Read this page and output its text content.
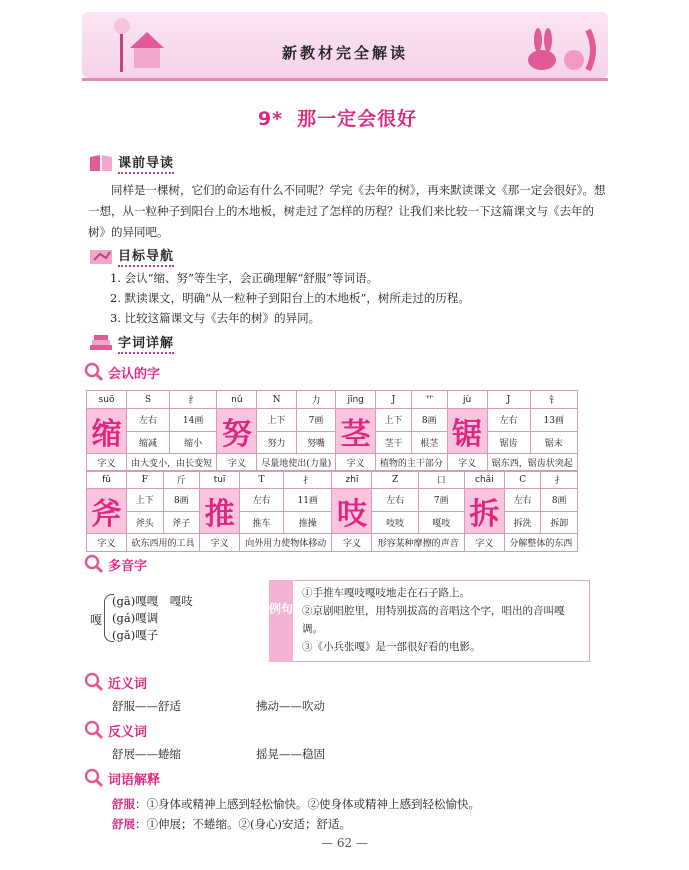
新教材完全解读
9* 那一定会很好
课前导读
同样是一棵树，它们的命运有什么不同呢？学完《去年的树》，再来默读课文《那一定会很好》。想一想，从一粒种子到阳台上的木地板，树走过了怎样的历程？让我们来比较一下这篇课文与《去年的树》的异同吧。
目标导航
1. 会认“缩、努”等生字，会正确理解“舒服”等词语。
2. 默读课文，明确“从一粒种子到阳台上的木地板”，树所走过的历程。
3. 比较这篇课文与《去年的树》的异同。
字词详解
会认的字
suō	S	纟	nǔ	N	力	jīng	J	艹	jù	J	钅
缩	左右	14画	努	上下	7画	茎	上下	8画	锯	左右	13画
	缩减	缩小		努力	努嘴		茎干	根茎		锯齿	锯末
字义	由大变小，由长变短		字义	尽量地使出(力量)		字义	植物的主干部分		字义	锯东西，锯齿状突起	
fǔ	F	斤	tuī	T	扌	zhī	Z	口	chāi	C	扌
斧	上下	8画	推	左右	11画	吱	左右	7画	拆	左右	8画
	斧头	斧子		推车	推操		吱吱	嘎吱		拆洗	拆卸
字义	砍东西用的工具		字义	向外用力使物体移动		字义	形容某种摩擦的声音		字义	分解整体的东西	
多音字
嘎
(gā)嘎嘎　嘎吱
(gá)嘎调
(gǎ)嘎子
例句
①手推车嘎吱嘎吱地走在石子路上。
②京剧唱腔里，用特别拔高的音唱这个字，唱出的音叫嘎调。
③《小兵张嘎》是一部很好看的电影。
近义词
舒服——舒适	拂动——吹动
反义词
舒展——蜷缩	摇晃——稳固
词语解释
舒服：①身体或精神上感到轻松愉快。②使身体或精神上感到轻松愉快。
舒展：①伸展；不蜷缩。②(身心)安适；舒适。
— 62 —
